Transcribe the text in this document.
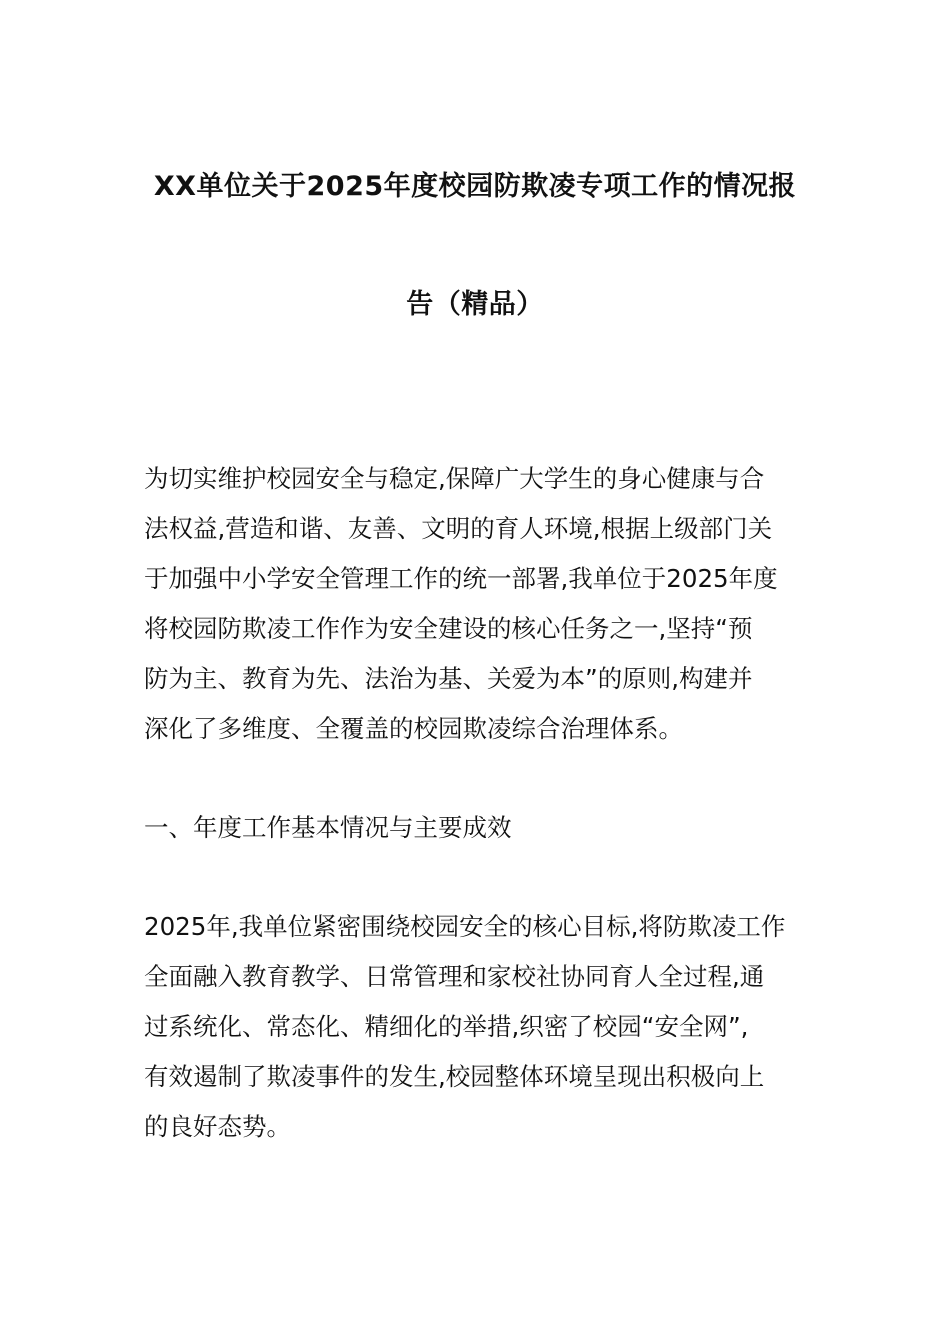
XX单位关于2025年度校园防欺凌专项工作的情况报
告（精品）

为切实维护校园安全与稳定,保障广大学生的身心健康与合
法权益,营造和谐、友善、文明的育人环境,根据上级部门关
于加强中小学安全管理工作的统一部署,我单位于2025年度
将校园防欺凌工作作为安全建设的核心任务之一,坚持“预
防为主、教育为先、法治为基、关爱为本”的原则,构建并
深化了多维度、全覆盖的校园欺凌综合治理体系。

一、年度工作基本情况与主要成效

2025年,我单位紧密围绕校园安全的核心目标,将防欺凌工作
全面融入教育教学、日常管理和家校社协同育人全过程,通
过系统化、常态化、精细化的举措,织密了校园“安全网”,
有效遏制了欺凌事件的发生,校园整体环境呈现出积极向上
的良好态势。
